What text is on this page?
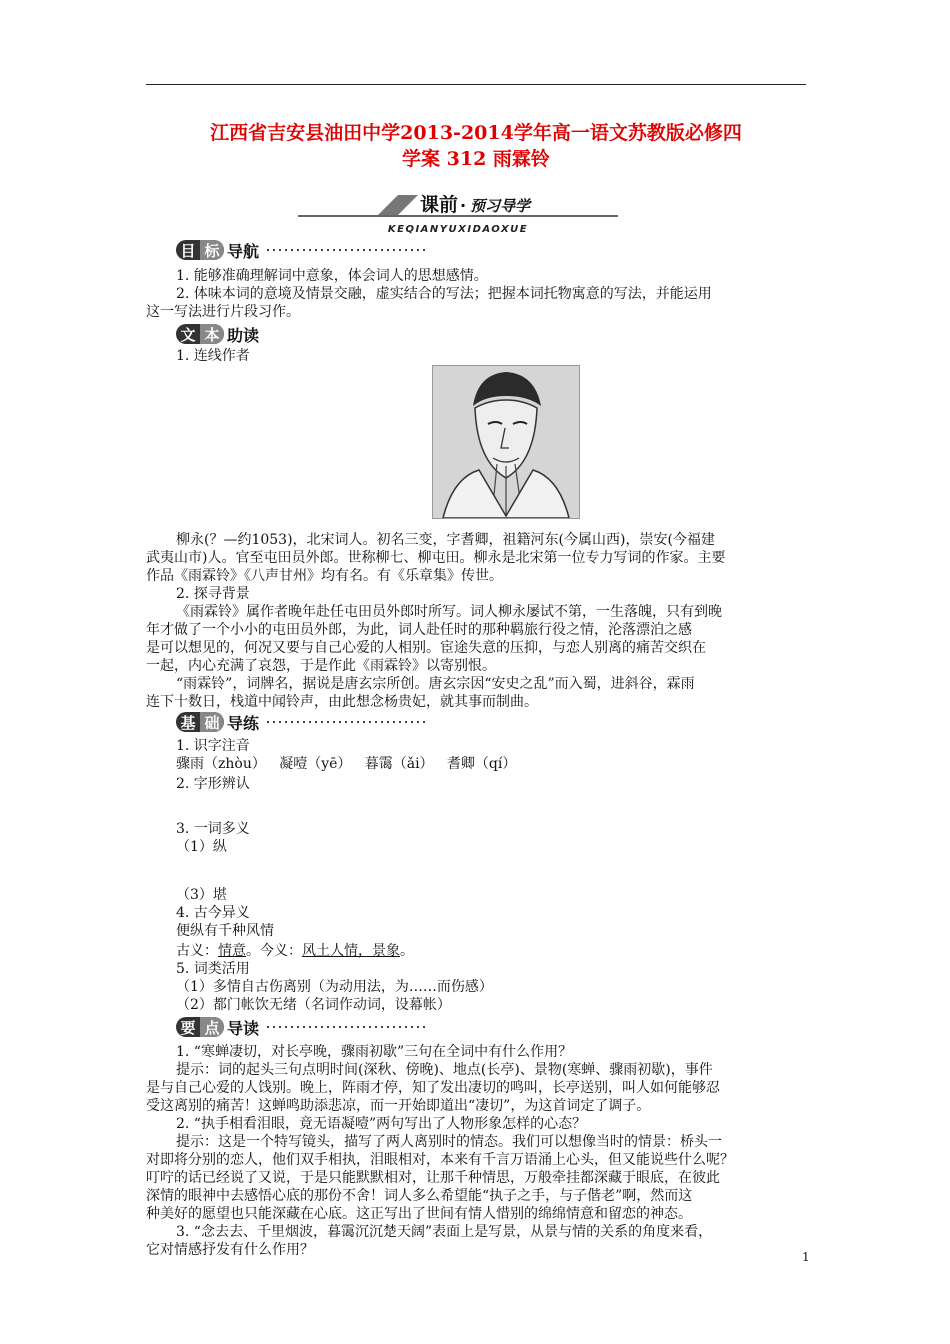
江西省吉安县油田中学2013-2014学年高一语文苏教版必修四
学案 312 雨霖铃
课前 · 预习导学
KEQIANYUXIDAOXUE
目 标 导航
1. 能够准确理解词中意象，体会词人的思想感情。
2. 体味本词的意境及情景交融，虚实结合的写法；把握本词托物寓意的写法，并能运用
这一写法进行片段习作。
文 本 助读
1. 连线作者
柳永(？—约1053)，北宋词人。初名三变，字耆卿，祖籍河东(今属山西)，崇安(今福建
武夷山市)人。官至屯田员外郎。世称柳七、柳屯田。柳永是北宋第一位专力写词的作家。主要
作品《雨霖铃》《八声甘州》均有名。有《乐章集》传世。
2. 探寻背景
《雨霖铃》属作者晚年赴任屯田员外郎时所写。词人柳永屡试不第，一生落魄，只有到晚
年才做了一个小小的屯田员外郎，为此，词人赴任时的那种羁旅行役之情，沦落漂泊之感
是可以想见的，何况又要与自己心爱的人相别。宦途失意的压抑，与恋人别离的痛苦交织在
一起，内心充满了哀怨，于是作此《雨霖铃》以寄别恨。
“雨霖铃”，词牌名，据说是唐玄宗所创。唐玄宗因“安史之乱”而入蜀，进斜谷，霖雨
连下十数日，栈道中闻铃声，由此想念杨贵妃，就其事而制曲。
基 础 导练
1. 识字注音
骤雨（zhòu）   凝噎（yē）   暮霭（ǎi）   耆卿（qí）
2. 字形辨认
3. 一词多义
（1）纵
（3）堪
4. 古今异义
便纵有千种风情
古义：情意。今义：风土人情，景象。
5. 词类活用
（1）多情自古伤离别（为动用法，为……而伤感）
（2）都门帐饮无绪（名词作动词，设幕帐）
要 点 导读
1. “寒蝉凄切，对长亭晚，骤雨初歇”三句在全词中有什么作用？
提示：词的起头三句点明时间(深秋、傍晚)、地点(长亭)、景物(寒蝉、骤雨初歇)，事件
是与自己心爱的人饯别。晚上，阵雨才停，知了发出凄切的鸣叫，长亭送别，叫人如何能够忍
受这离别的痛苦！这蝉鸣助添悲凉，而一开始即道出“凄切”，为这首词定了调子。
2. “执手相看泪眼，竟无语凝噎”两句写出了人物形象怎样的心态？
提示：这是一个特写镜头，描写了两人离别时的情态。我们可以想像当时的情景：桥头一
对即将分别的恋人，他们双手相执，泪眼相对，本来有千言万语涌上心头，但又能说些什么呢？
叮咛的话已经说了又说，于是只能默默相对，让那千种情思，万般牵挂都深藏于眼底，在彼此
深情的眼神中去感悟心底的那份不舍！词人多么希望能“执子之手，与子偕老”啊，然而这
种美好的愿望也只能深藏在心底。这正写出了世间有情人惜别的绵绵情意和留恋的神态。
3. “念去去、千里烟波，暮霭沉沉楚天阔”表面上是写景，从景与情的关系的角度来看，
它对情感抒发有什么作用？	1
